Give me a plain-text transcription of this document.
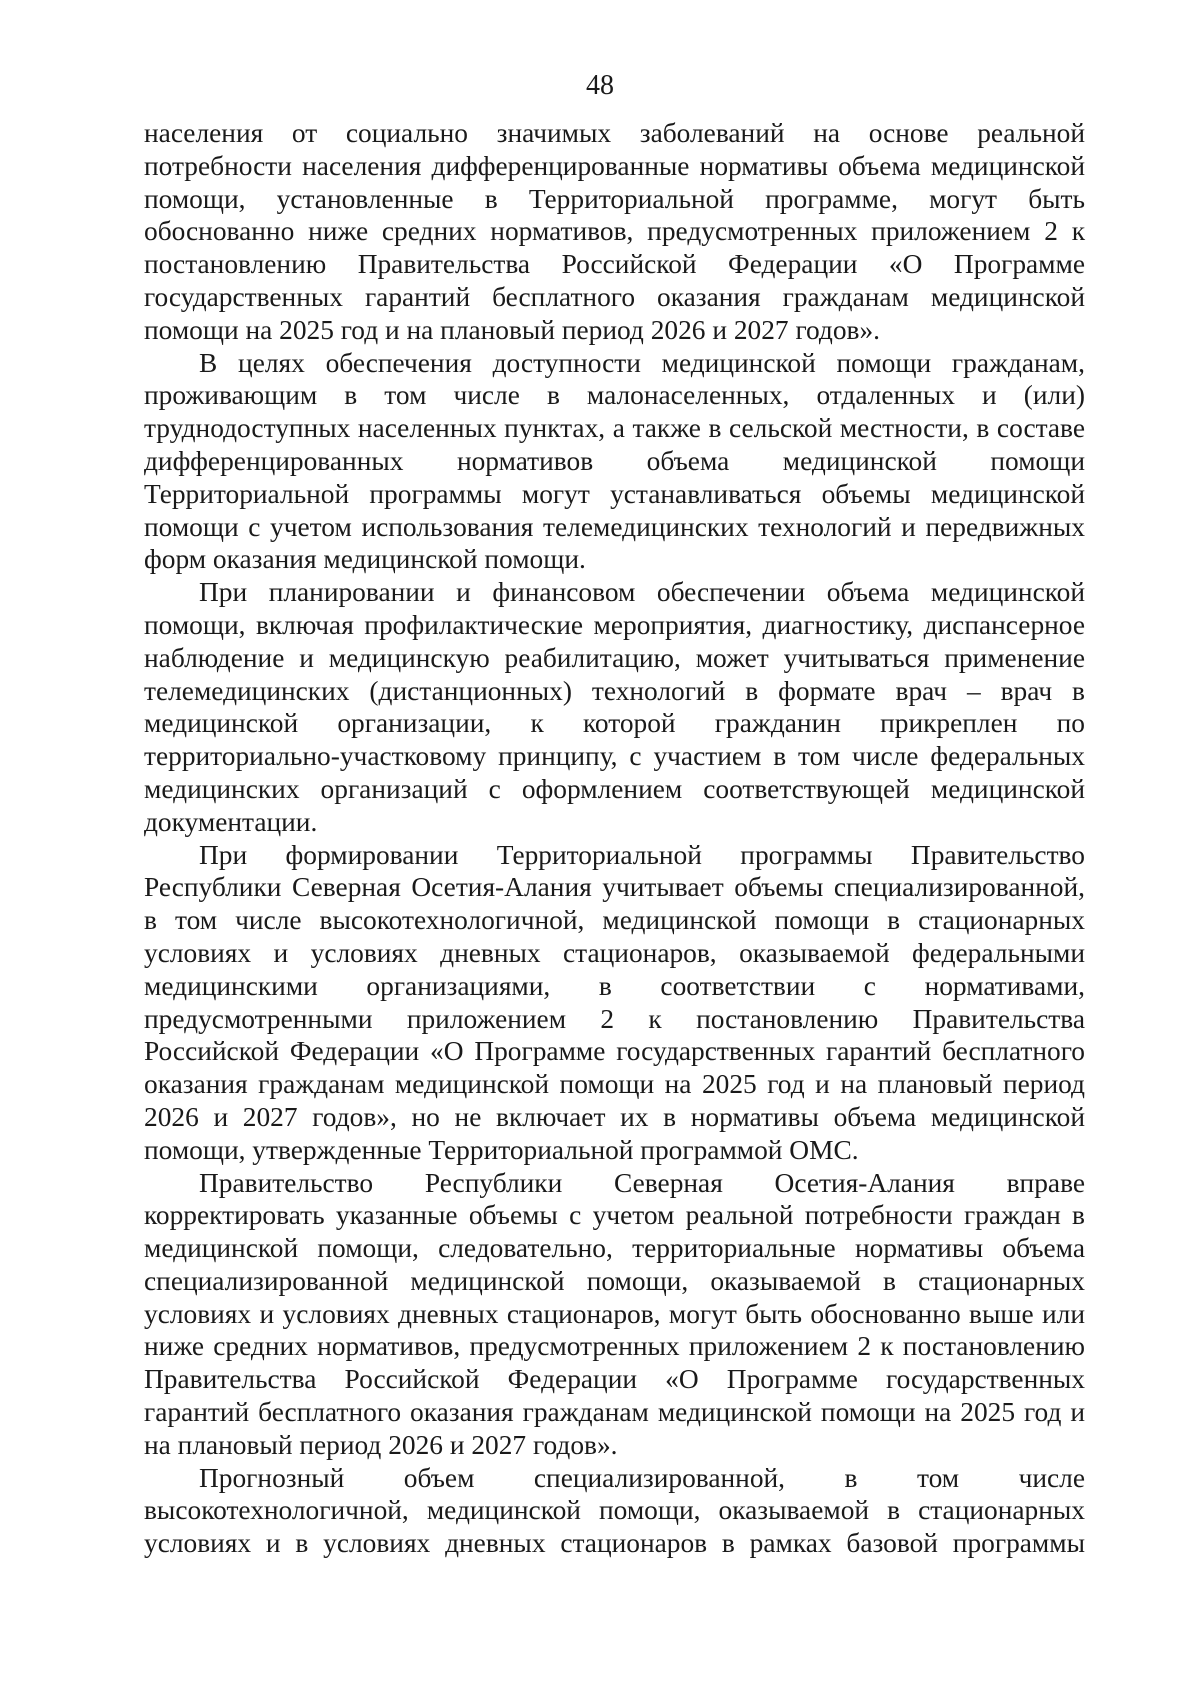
48

населения от социально значимых заболеваний на основе реальной потребности населения дифференцированные нормативы объема медицинской помощи, установленные в Территориальной программе, могут быть обоснованно ниже средних нормативов, предусмотренных приложением 2 к постановлению Правительства Российской Федерации «О Программе государственных гарантий бесплатного оказания гражданам медицинской помощи на 2025 год и на плановый период 2026 и 2027 годов».

В целях обеспечения доступности медицинской помощи гражданам, проживающим в том числе в малонаселенных, отдаленных и (или) труднодоступных населенных пунктах, а также в сельской местности, в составе дифференцированных нормативов объема медицинской помощи Территориальной программы могут устанавливаться объемы медицинской помощи с учетом использования телемедицинских технологий и передвижных форм оказания медицинской помощи.

При планировании и финансовом обеспечении объема медицинской помощи, включая профилактические мероприятия, диагностику, диспансерное наблюдение и медицинскую реабилитацию, может учитываться применение телемедицинских (дистанционных) технологий в формате врач – врач в медицинской организации, к которой гражданин прикреплен по территориально-участковому принципу, с участием в том числе федеральных медицинских организаций с оформлением соответствующей медицинской документации.

При формировании Территориальной программы Правительство Республики Северная Осетия-Алания учитывает объемы специализированной, в том числе высокотехнологичной, медицинской помощи в стационарных условиях и условиях дневных стационаров, оказываемой федеральными медицинскими организациями, в соответствии с нормативами, предусмотренными приложением 2 к постановлению Правительства Российской Федерации «О Программе государственных гарантий бесплатного оказания гражданам медицинской помощи на 2025 год и на плановый период 2026 и 2027 годов», но не включает их в нормативы объема медицинской помощи, утвержденные Территориальной программой ОМС.

Правительство Республики Северная Осетия-Алания вправе корректировать указанные объемы с учетом реальной потребности граждан в медицинской помощи, следовательно, территориальные нормативы объема специализированной медицинской помощи, оказываемой в стационарных условиях и условиях дневных стационаров, могут быть обоснованно выше или ниже средних нормативов, предусмотренных приложением 2 к постановлению Правительства Российской Федерации «О Программе государственных гарантий бесплатного оказания гражданам медицинской помощи на 2025 год и на плановый период 2026 и 2027 годов».

Прогнозный объем специализированной, в том числе высокотехнологичной, медицинской помощи, оказываемой в стационарных условиях и в условиях дневных стационаров в рамках базовой программы
